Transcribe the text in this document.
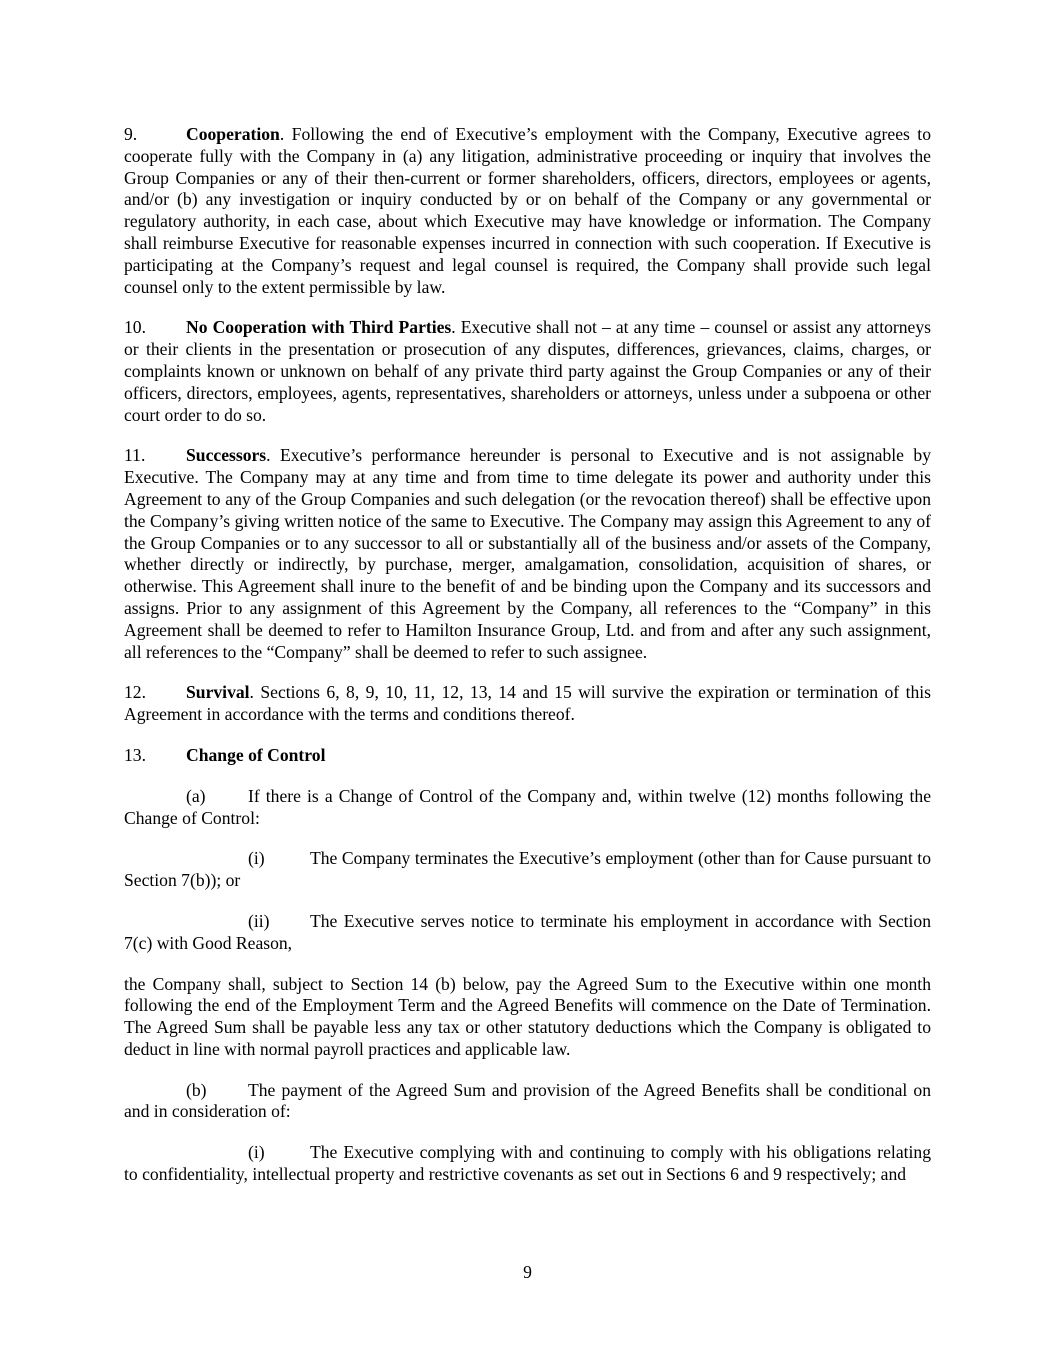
9.	Cooperation. Following the end of Executive’s employment with the Company, Executive agrees to cooperate fully with the Company in (a) any litigation, administrative proceeding or inquiry that involves the Group Companies or any of their then-current or former shareholders, officers, directors, employees or agents, and/or (b) any investigation or inquiry conducted by or on behalf of the Company or any governmental or regulatory authority, in each case, about which Executive may have knowledge or information. The Company shall reimburse Executive for reasonable expenses incurred in connection with such cooperation. If Executive is participating at the Company’s request and legal counsel is required, the Company shall provide such legal counsel only to the extent permissible by law.

10. No Cooperation with Third Parties. Executive shall not – at any time – counsel or assist any attorneys or their clients in the presentation or prosecution of any disputes, differences, grievances, claims, charges, or complaints known or unknown on behalf of any private third party against the Group Companies or any of their officers, directors, employees, agents, representatives, shareholders or attorneys, unless under a subpoena or other court order to do so.

11. Successors. Executive’s performance hereunder is personal to Executive and is not assignable by Executive. The Company may at any time and from time to time delegate its power and authority under this Agreement to any of the Group Companies and such delegation (or the revocation thereof) shall be effective upon the Company’s giving written notice of the same to Executive. The Company may assign this Agreement to any of the Group Companies or to any successor to all or substantially all of the business and/or assets of the Company, whether directly or indirectly, by purchase, merger, amalgamation, consolidation, acquisition of shares, or otherwise. This Agreement shall inure to the benefit of and be binding upon the Company and its successors and assigns. Prior to any assignment of this Agreement by the Company, all references to the “Company” in this Agreement shall be deemed to refer to Hamilton Insurance Group, Ltd. and from and after any such assignment, all references to the “Company” shall be deemed to refer to such assignee.

12. Survival. Sections 6, 8, 9, 10, 11, 12, 13, 14 and 15 will survive the expiration or termination of this Agreement in accordance with the terms and conditions thereof.

13. Change of Control

(a) If there is a Change of Control of the Company and, within twelve (12) months following the Change of Control:

(i)	The Company terminates the Executive’s employment (other than for Cause pursuant to Section 7(b)); or

(ii) The Executive serves notice to terminate his employment in accordance with Section 7(c) with Good Reason,

the Company shall, subject to Section 14 (b) below, pay the Agreed Sum to the Executive within one month following the end of the Employment Term and the Agreed Benefits will commence on the Date of Termination. The Agreed Sum shall be payable less any tax or other statutory deductions which the Company is obligated to deduct in line with normal payroll practices and applicable law.

(b) The payment of the Agreed Sum and provision of the Agreed Benefits shall be conditional on and in consideration of:

(i)	The Executive complying with and continuing to comply with his obligations relating to confidentiality, intellectual property and restrictive covenants as set out in Sections 6 and 9 respectively; and

9
